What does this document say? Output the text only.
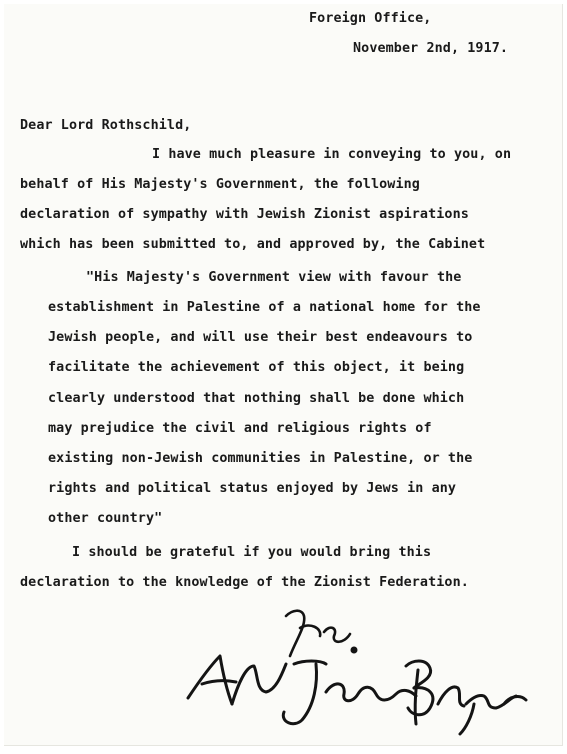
Foreign Office,
November 2nd, 1917.
Dear Lord Rothschild,
I have much pleasure in conveying to you, on
behalf of His Majesty's Government, the following
declaration of sympathy with Jewish Zionist aspirations
which has been submitted to, and approved by, the Cabinet
"His Majesty's Government view with favour the
establishment in Palestine of a national home for the
Jewish people, and will use their best endeavours to
facilitate the achievement of this object, it being
clearly understood that nothing shall be done which
may prejudice the civil and religious rights of
existing non-Jewish communities in Palestine, or the
rights and political status enjoyed by Jews in any
other country"
I should be grateful if you would bring this
declaration to the knowledge of the Zionist Federation.
